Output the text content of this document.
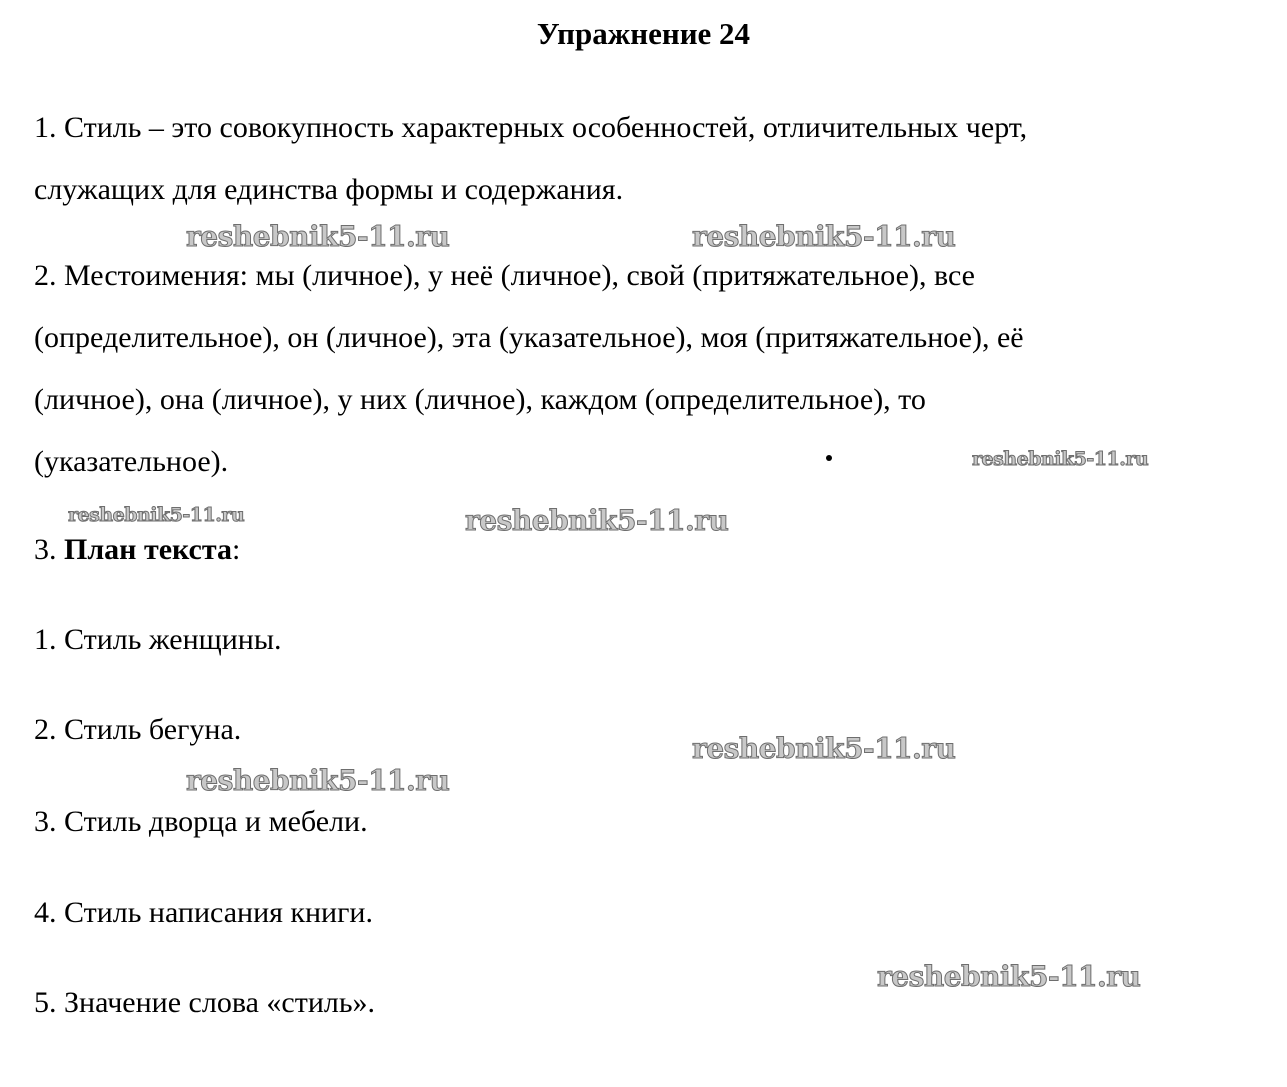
Упражнение 24
1. Стиль – это совокупность характерных особенностей, отличительных черт,
служащих для единства формы и содержания.
2. Местоимения: мы (личное), у неё (личное), свой (притяжательное), все
(определительное), он (личное), эта (указательное), моя (притяжательное), её
(личное), она (личное), у них (личное), каждом (определительное), то
(указательное).
3. План текста:
1. Стиль женщины.
2. Стиль бегуна.
3. Стиль дворца и мебели.
4. Стиль написания книги.
5. Значение слова «стиль».
reshebnik5-11.ru	reshebnik5-11.ru
reshebnik5-11.ru
reshebnik5-11.ru	reshebnik5-11.ru
reshebnik5-11.ru
reshebnik5-11.ru
reshebnik5-11.ru
